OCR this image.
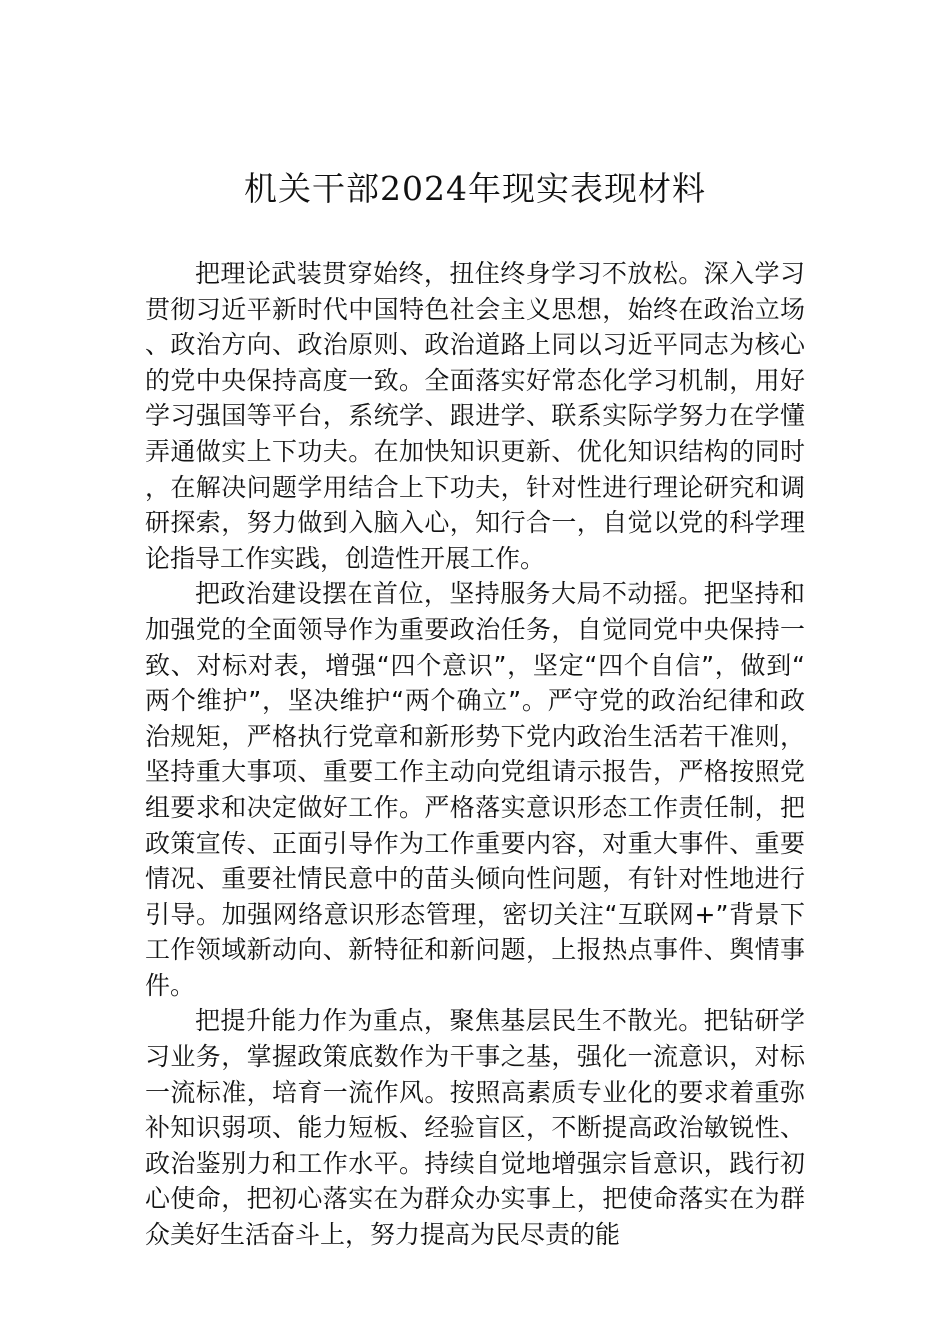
机关干部2024年现实表现材料

把理论武装贯穿始终，扭住终身学习不放松。深入学习贯彻习近平新时代中国特色社会主义思想，始终在政治立场、政治方向、政治原则、政治道路上同以习近平同志为核心的党中央保持高度一致。全面落实好常态化学习机制，用好学习强国等平台，系统学、跟进学、联系实际学努力在学懂弄通做实上下功夫。在加快知识更新、优化知识结构的同时，在解决问题学用结合上下功夫，针对性进行理论研究和调研探索，努力做到入脑入心，知行合一，自觉以党的科学理论指导工作实践，创造性开展工作。

把政治建设摆在首位，坚持服务大局不动摇。把坚持和加强党的全面领导作为重要政治任务，自觉同党中央保持一致、对标对表，增强“四个意识”，坚定“四个自信”，做到“两个维护”，坚决维护“两个确立”。严守党的政治纪律和政治规矩，严格执行党章和新形势下党内政治生活若干准则，坚持重大事项、重要工作主动向党组请示报告，严格按照党组要求和决定做好工作。严格落实意识形态工作责任制，把政策宣传、正面引导作为工作重要内容，对重大事件、重要情况、重要社情民意中的苗头倾向性问题，有针对性地进行引导。加强网络意识形态管理，密切关注“互联网+”背景下工作领域新动向、新特征和新问题，上报热点事件、舆情事件。

把提升能力作为重点，聚焦基层民生不散光。把钻研学习业务，掌握政策底数作为干事之基，强化一流意识，对标一流标准，培育一流作风。按照高素质专业化的要求着重弥补知识弱项、能力短板、经验盲区，不断提高政治敏锐性、政治鉴别力和工作水平。持续自觉地增强宗旨意识，践行初心使命，把初心落实在为群众办实事上，把使命落实在为群众美好生活奋斗上，努力提高为民尽责的能
